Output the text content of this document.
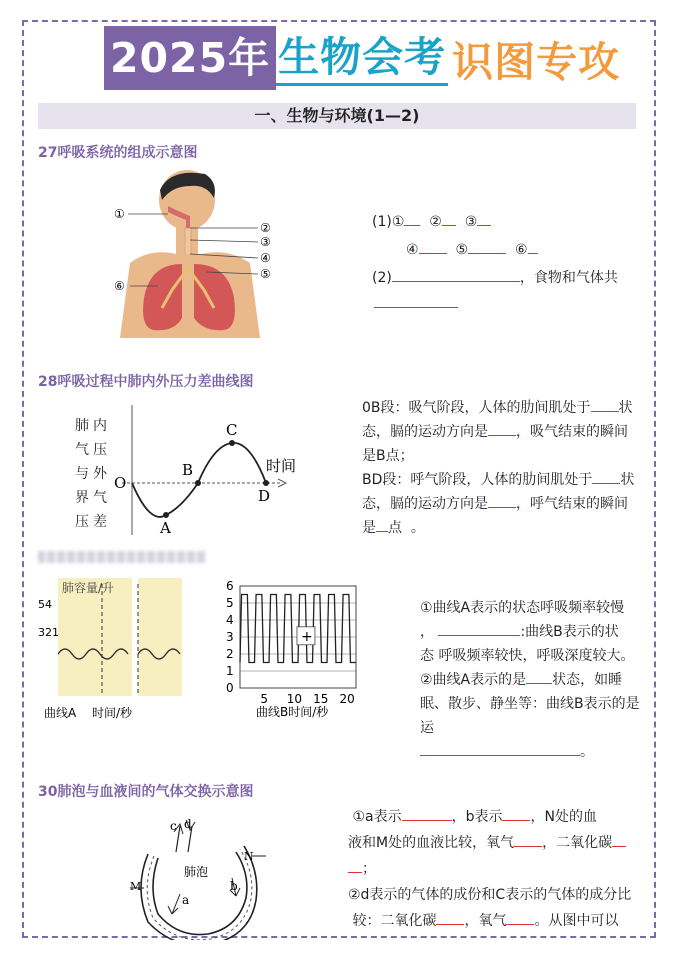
2025年 生物会考 识图专攻
一、生物与环境(1—2)
27呼吸系统的组成示意图
①
②
③
④
⑤
⑥
(1)① ② ③
④	⑤	⑥
(2)	，食物和气体共
28呼吸过程中肺内外压力差曲线图
肺内
气压
与外
界气
压差
O
A
B
C
D
时间
0B段：吸气阶段，人体的肋间肌处于 状
态，膈的运动方向是 ，吸气结束的瞬间
是B点；
BD段：呼气阶段，人体的肋间肌处于 状
态，膈的运动方向是 ，呼气结束的瞬间
是 点 。
肺容量/升
54
321
曲线A 时间/秒
6
5
4
3
2
1
0
5 10 15 20
+
曲线B时间/秒
①曲线A表示的状态呼吸频率较慢
，	:曲线B表示的状
态 呼吸频率较快，呼吸深度较大。
②曲线A表示的是 状态，如睡
眠、散步、静坐等：曲线B表示的是运
。
30肺泡与血液间的气体交换示意图
c d
N
M	b
a
肺泡
①a表示	，b表示 ，N处的血
液和M处的血液比较，氧气 ，二氧化碳
；
②d表示的气体的成份和C表示的气体的成分比
较：二氧化碳 ，氧气 。从图中可以
